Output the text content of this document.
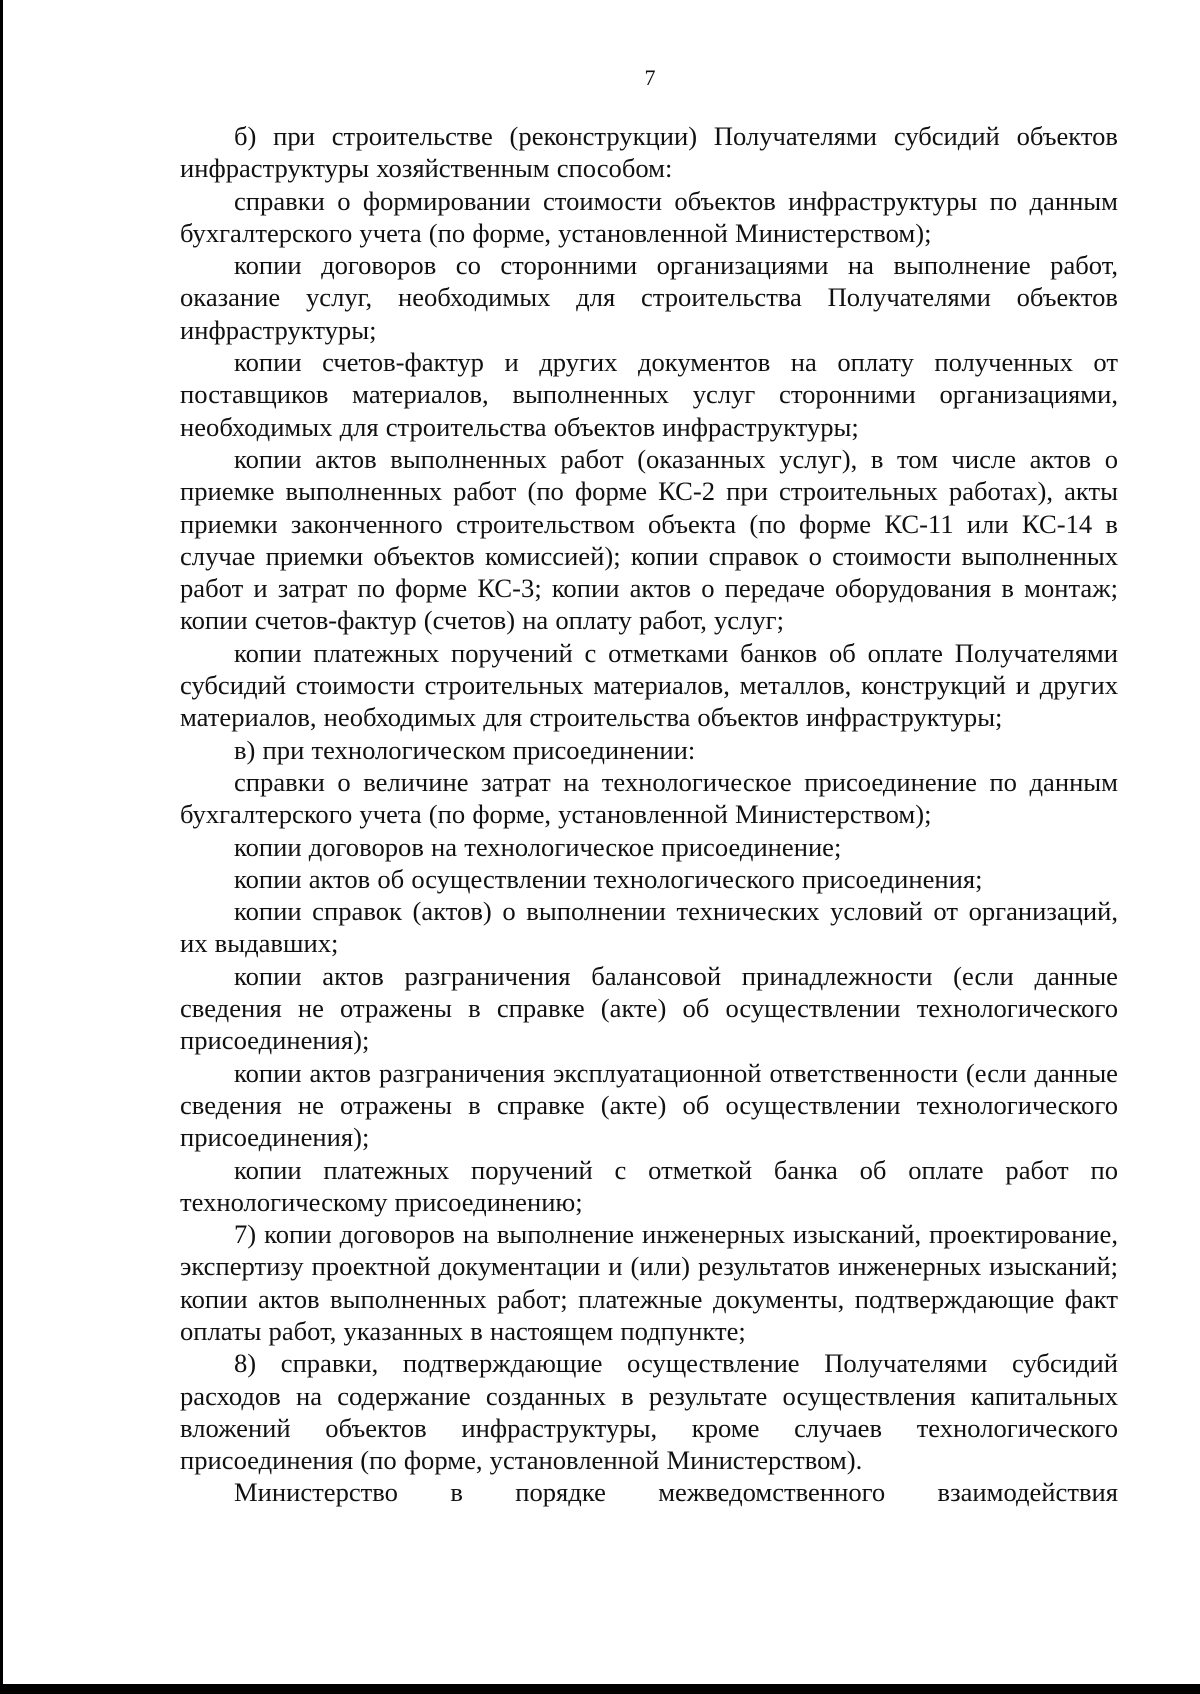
7

б) при строительстве (реконструкции) Получателями субсидий объектов инфраструктуры хозяйственным способом:

справки о формировании стоимости объектов инфраструктуры по данным бухгалтерского учета (по форме, установленной Министерством);

копии договоров со сторонними организациями на выполнение работ, оказание услуг, необходимых для строительства Получателями объектов инфраструктуры;

копии счетов-фактур и других документов на оплату полученных от поставщиков материалов, выполненных услуг сторонними организациями, необходимых для строительства объектов инфраструктуры;

копии актов выполненных работ (оказанных услуг), в том числе актов о приемке выполненных работ (по форме КС-2 при строительных работах), акты приемки законченного строительством объекта (по форме КС-11 или КС-14 в случае приемки объектов комиссией); копии справок о стоимости выполненных работ и затрат по форме КС-3; копии актов о передаче оборудования в монтаж; копии счетов-фактур (счетов) на оплату работ, услуг;

копии платежных поручений с отметками банков об оплате Получателями субсидий стоимости строительных материалов, металлов, конструкций и других материалов, необходимых для строительства объектов инфраструктуры;

в) при технологическом присоединении:

справки о величине затрат на технологическое присоединение по данным бухгалтерского учета (по форме, установленной Министерством);

копии договоров на технологическое присоединение;

копии актов об осуществлении технологического присоединения;

копии справок (актов) о выполнении технических условий от организаций, их выдавших;

копии актов разграничения балансовой принадлежности (если данные сведения не отражены в справке (акте) об осуществлении технологического присоединения);

копии актов разграничения эксплуатационной ответственности (если данные сведения не отражены в справке (акте) об осуществлении технологического присоединения);

копии платежных поручений с отметкой банка об оплате работ по технологическому присоединению;

7) копии договоров на выполнение инженерных изысканий, проектирование, экспертизу проектной документации и (или) результатов инженерных изысканий; копии актов выполненных работ; платежные документы, подтверждающие факт оплаты работ, указанных в настоящем подпункте;

8) справки, подтверждающие осуществление Получателями субсидий расходов на содержание созданных в результате осуществления капитальных вложений объектов инфраструктуры, кроме случаев технологического присоединения (по форме, установленной Министерством).

Министерство в порядке межведомственного взаимодействия
